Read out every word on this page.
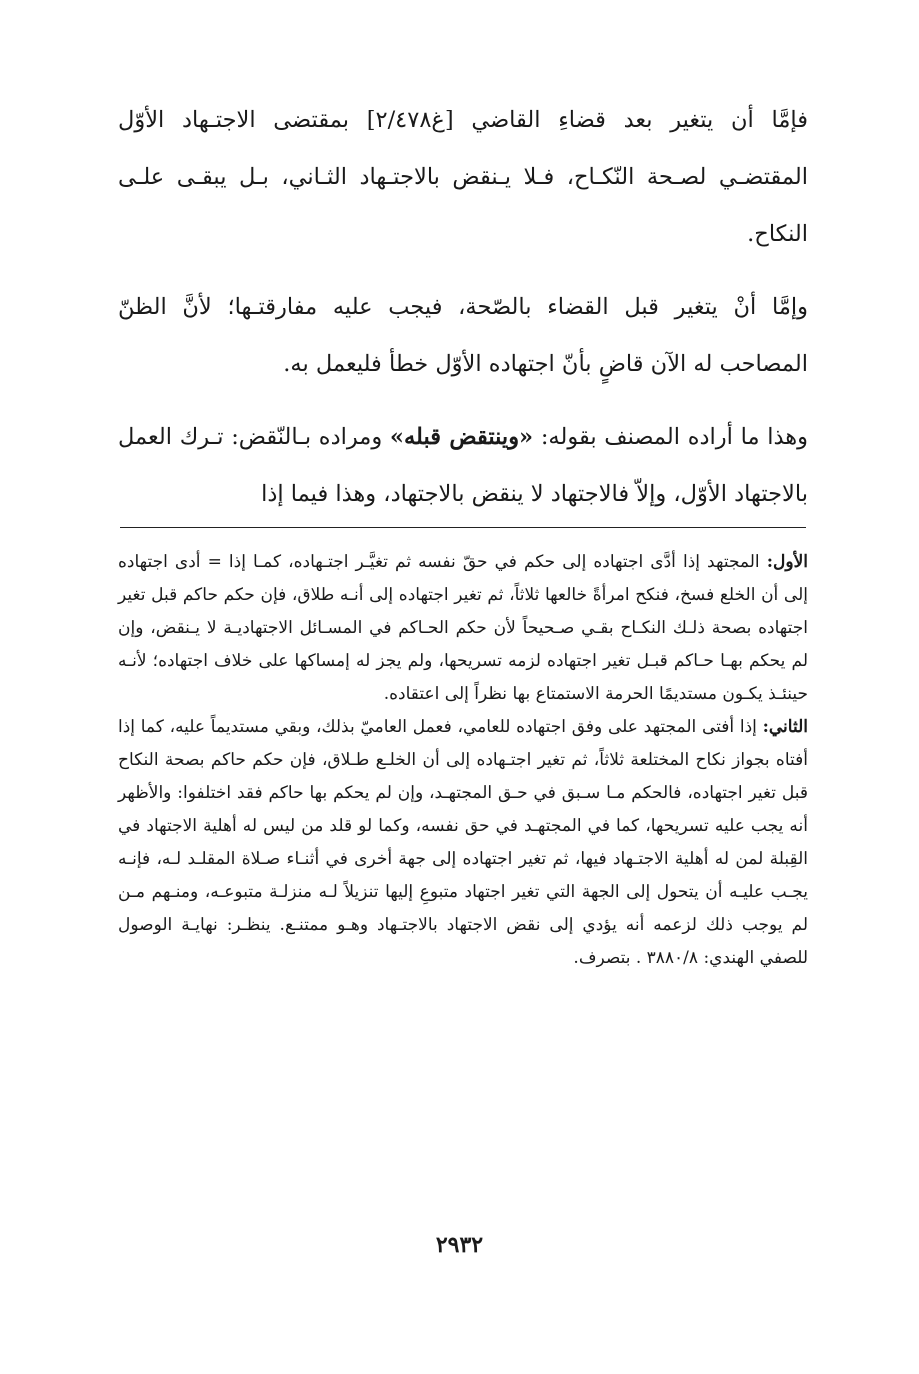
فإمَّا أن يتغير بعد قضاءِ القاضي [غ٢/٤٧٨] بمقتضى الاجتـهاد الأوّل المقتضـي لصـحة النّكـاح، فـلا يـنقض بالاجتـهاد الثـاني، بـل يبقـى علـى النكاح.

وإمَّا أنْ يتغير قبل القضاء بالصّحة، فيجب عليه مفارقتـها؛ لأنَّ الظنّ المصاحب له الآن قاضٍ بأنّ اجتهاده الأوّل خطأ فليعمل به.

وهذا ما أراده المصنف بقوله: «وينتقض قبله» ومراده بـالنّقض: تـرك العمل بالاجتهاد الأوّل، وإلاّ فالاجتهاد لا ينقض بالاجتهاد، وهذا فيما إذا

الأول: المجتهد إذا أدَّى اجتهاده إلى حكم في حقّ نفسه ثم تغيَّـر اجتـهاده، كمـا إذا = أدى اجتهاده إلى أن الخلع فسخ، فنكح امرأةً خالعها ثلاثاً، ثم تغير اجتهاده إلى أنـه طلاق، فإن حكم حاكم قبل تغير اجتهاده بصحة ذلـك النكـاح بقـي صـحيحاً لأن حكم الحـاكم في المسـائل الاجتهاديـة لا يـنقض، وإن لم يحكم بهـا حـاكم قبـل تغير اجتهاده لزمه تسريحها، ولم يجز له إمساكها على خلاف اجتهاده؛ لأنـه حينئـذ يكـون مستديمًا الحرمة الاستمتاع بها نظراً إلى اعتقاده.

الثاني: إذا أفتى المجتهد على وفق اجتهاده للعامي، فعمل العاميّ بذلك، وبقي مستديماً عليه، كما إذا أفتاه بجواز نكاح المختلعة ثلاثاً، ثم تغير اجتـهاده إلى أن الخلـع طـلاق، فإن حكم حاكم بصحة النكاح قبل تغير اجتهاده، فالحكم مـا سـبق في حـق المجتهـد، وإن لم يحكم بها حاكم فقد اختلفوا: والأظهر أنه يجب عليه تسريحها، كما في المجتهـد في حق نفسه، وكما لو قلد من ليس له أهلية الاجتهاد في القِبلة لمن له أهلية الاجتـهاد فيها، ثم تغير اجتهاده إلى جهة أخرى في أثنـاء صـلاة المقلـد لـه، فإنـه يجـب عليـه أن يتحول إلى الجهة التي تغير اجتهاد متبوعِ إليها تنزيلاً لـه منزلـة متبوعـه، ومنـهم مـن لم يوجب ذلك لزعمه أنه يؤدي إلى نقض الاجتهاد بالاجتـهاد وهـو ممتنـع. ينظـر: نهايـة الوصول للصفي الهندي: ٣٨٨٠/٨ . بتصرف.

٢٩٣٢
